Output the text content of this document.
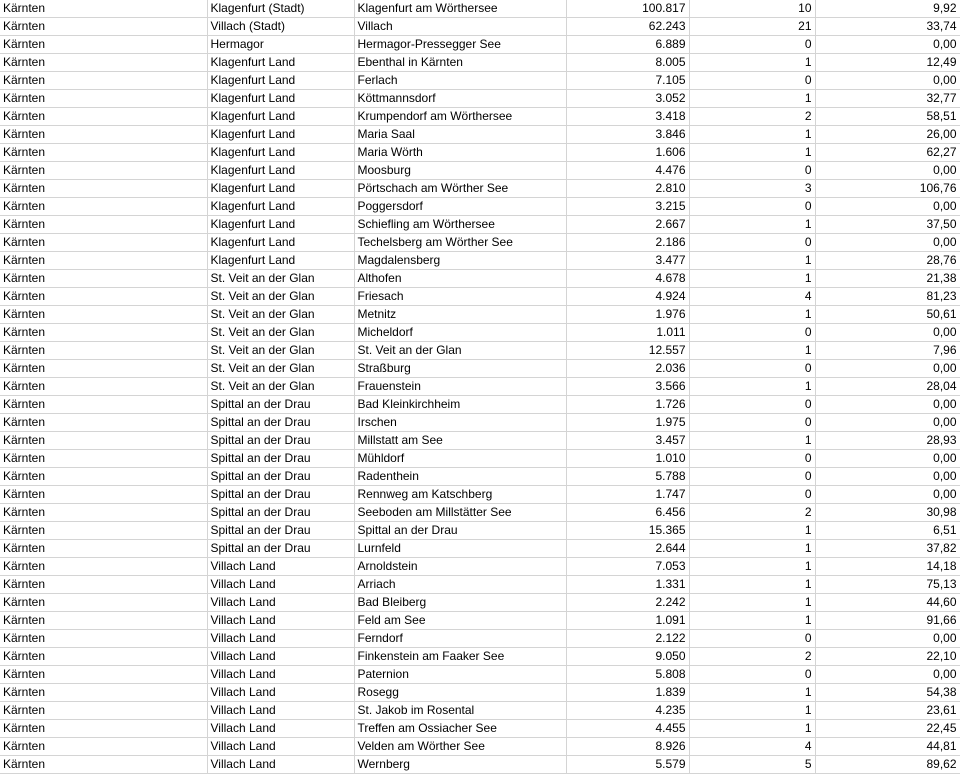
Kärnten	Klagenfurt (Stadt)	Klagenfurt am Wörthersee	100.817	10	9,92
Kärnten	Villach (Stadt)	Villach	62.243	21	33,74
Kärnten	Hermagor	Hermagor-Pressegger See	6.889	0	0,00
Kärnten	Klagenfurt Land	Ebenthal in Kärnten	8.005	1	12,49
Kärnten	Klagenfurt Land	Ferlach	7.105	0	0,00
Kärnten	Klagenfurt Land	Köttmannsdorf	3.052	1	32,77
Kärnten	Klagenfurt Land	Krumpendorf am Wörthersee	3.418	2	58,51
Kärnten	Klagenfurt Land	Maria Saal	3.846	1	26,00
Kärnten	Klagenfurt Land	Maria Wörth	1.606	1	62,27
Kärnten	Klagenfurt Land	Moosburg	4.476	0	0,00
Kärnten	Klagenfurt Land	Pörtschach am Wörther See	2.810	3	106,76
Kärnten	Klagenfurt Land	Poggersdorf	3.215	0	0,00
Kärnten	Klagenfurt Land	Schiefling am Wörthersee	2.667	1	37,50
Kärnten	Klagenfurt Land	Techelsberg am Wörther See	2.186	0	0,00
Kärnten	Klagenfurt Land	Magdalensberg	3.477	1	28,76
Kärnten	St. Veit an der Glan	Althofen	4.678	1	21,38
Kärnten	St. Veit an der Glan	Friesach	4.924	4	81,23
Kärnten	St. Veit an der Glan	Metnitz	1.976	1	50,61
Kärnten	St. Veit an der Glan	Micheldorf	1.011	0	0,00
Kärnten	St. Veit an der Glan	St. Veit an der Glan	12.557	1	7,96
Kärnten	St. Veit an der Glan	Straßburg	2.036	0	0,00
Kärnten	St. Veit an der Glan	Frauenstein	3.566	1	28,04
Kärnten	Spittal an der Drau	Bad Kleinkirchheim	1.726	0	0,00
Kärnten	Spittal an der Drau	Irschen	1.975	0	0,00
Kärnten	Spittal an der Drau	Millstatt am See	3.457	1	28,93
Kärnten	Spittal an der Drau	Mühldorf	1.010	0	0,00
Kärnten	Spittal an der Drau	Radenthein	5.788	0	0,00
Kärnten	Spittal an der Drau	Rennweg am Katschberg	1.747	0	0,00
Kärnten	Spittal an der Drau	Seeboden am Millstätter See	6.456	2	30,98
Kärnten	Spittal an der Drau	Spittal an der Drau	15.365	1	6,51
Kärnten	Spittal an der Drau	Lurnfeld	2.644	1	37,82
Kärnten	Villach Land	Arnoldstein	7.053	1	14,18
Kärnten	Villach Land	Arriach	1.331	1	75,13
Kärnten	Villach Land	Bad Bleiberg	2.242	1	44,60
Kärnten	Villach Land	Feld am See	1.091	1	91,66
Kärnten	Villach Land	Ferndorf	2.122	0	0,00
Kärnten	Villach Land	Finkenstein am Faaker See	9.050	2	22,10
Kärnten	Villach Land	Paternion	5.808	0	0,00
Kärnten	Villach Land	Rosegg	1.839	1	54,38
Kärnten	Villach Land	St. Jakob im Rosental	4.235	1	23,61
Kärnten	Villach Land	Treffen am Ossiacher See	4.455	1	22,45
Kärnten	Villach Land	Velden am Wörther See	8.926	4	44,81
Kärnten	Villach Land	Wernberg	5.579	5	89,62
